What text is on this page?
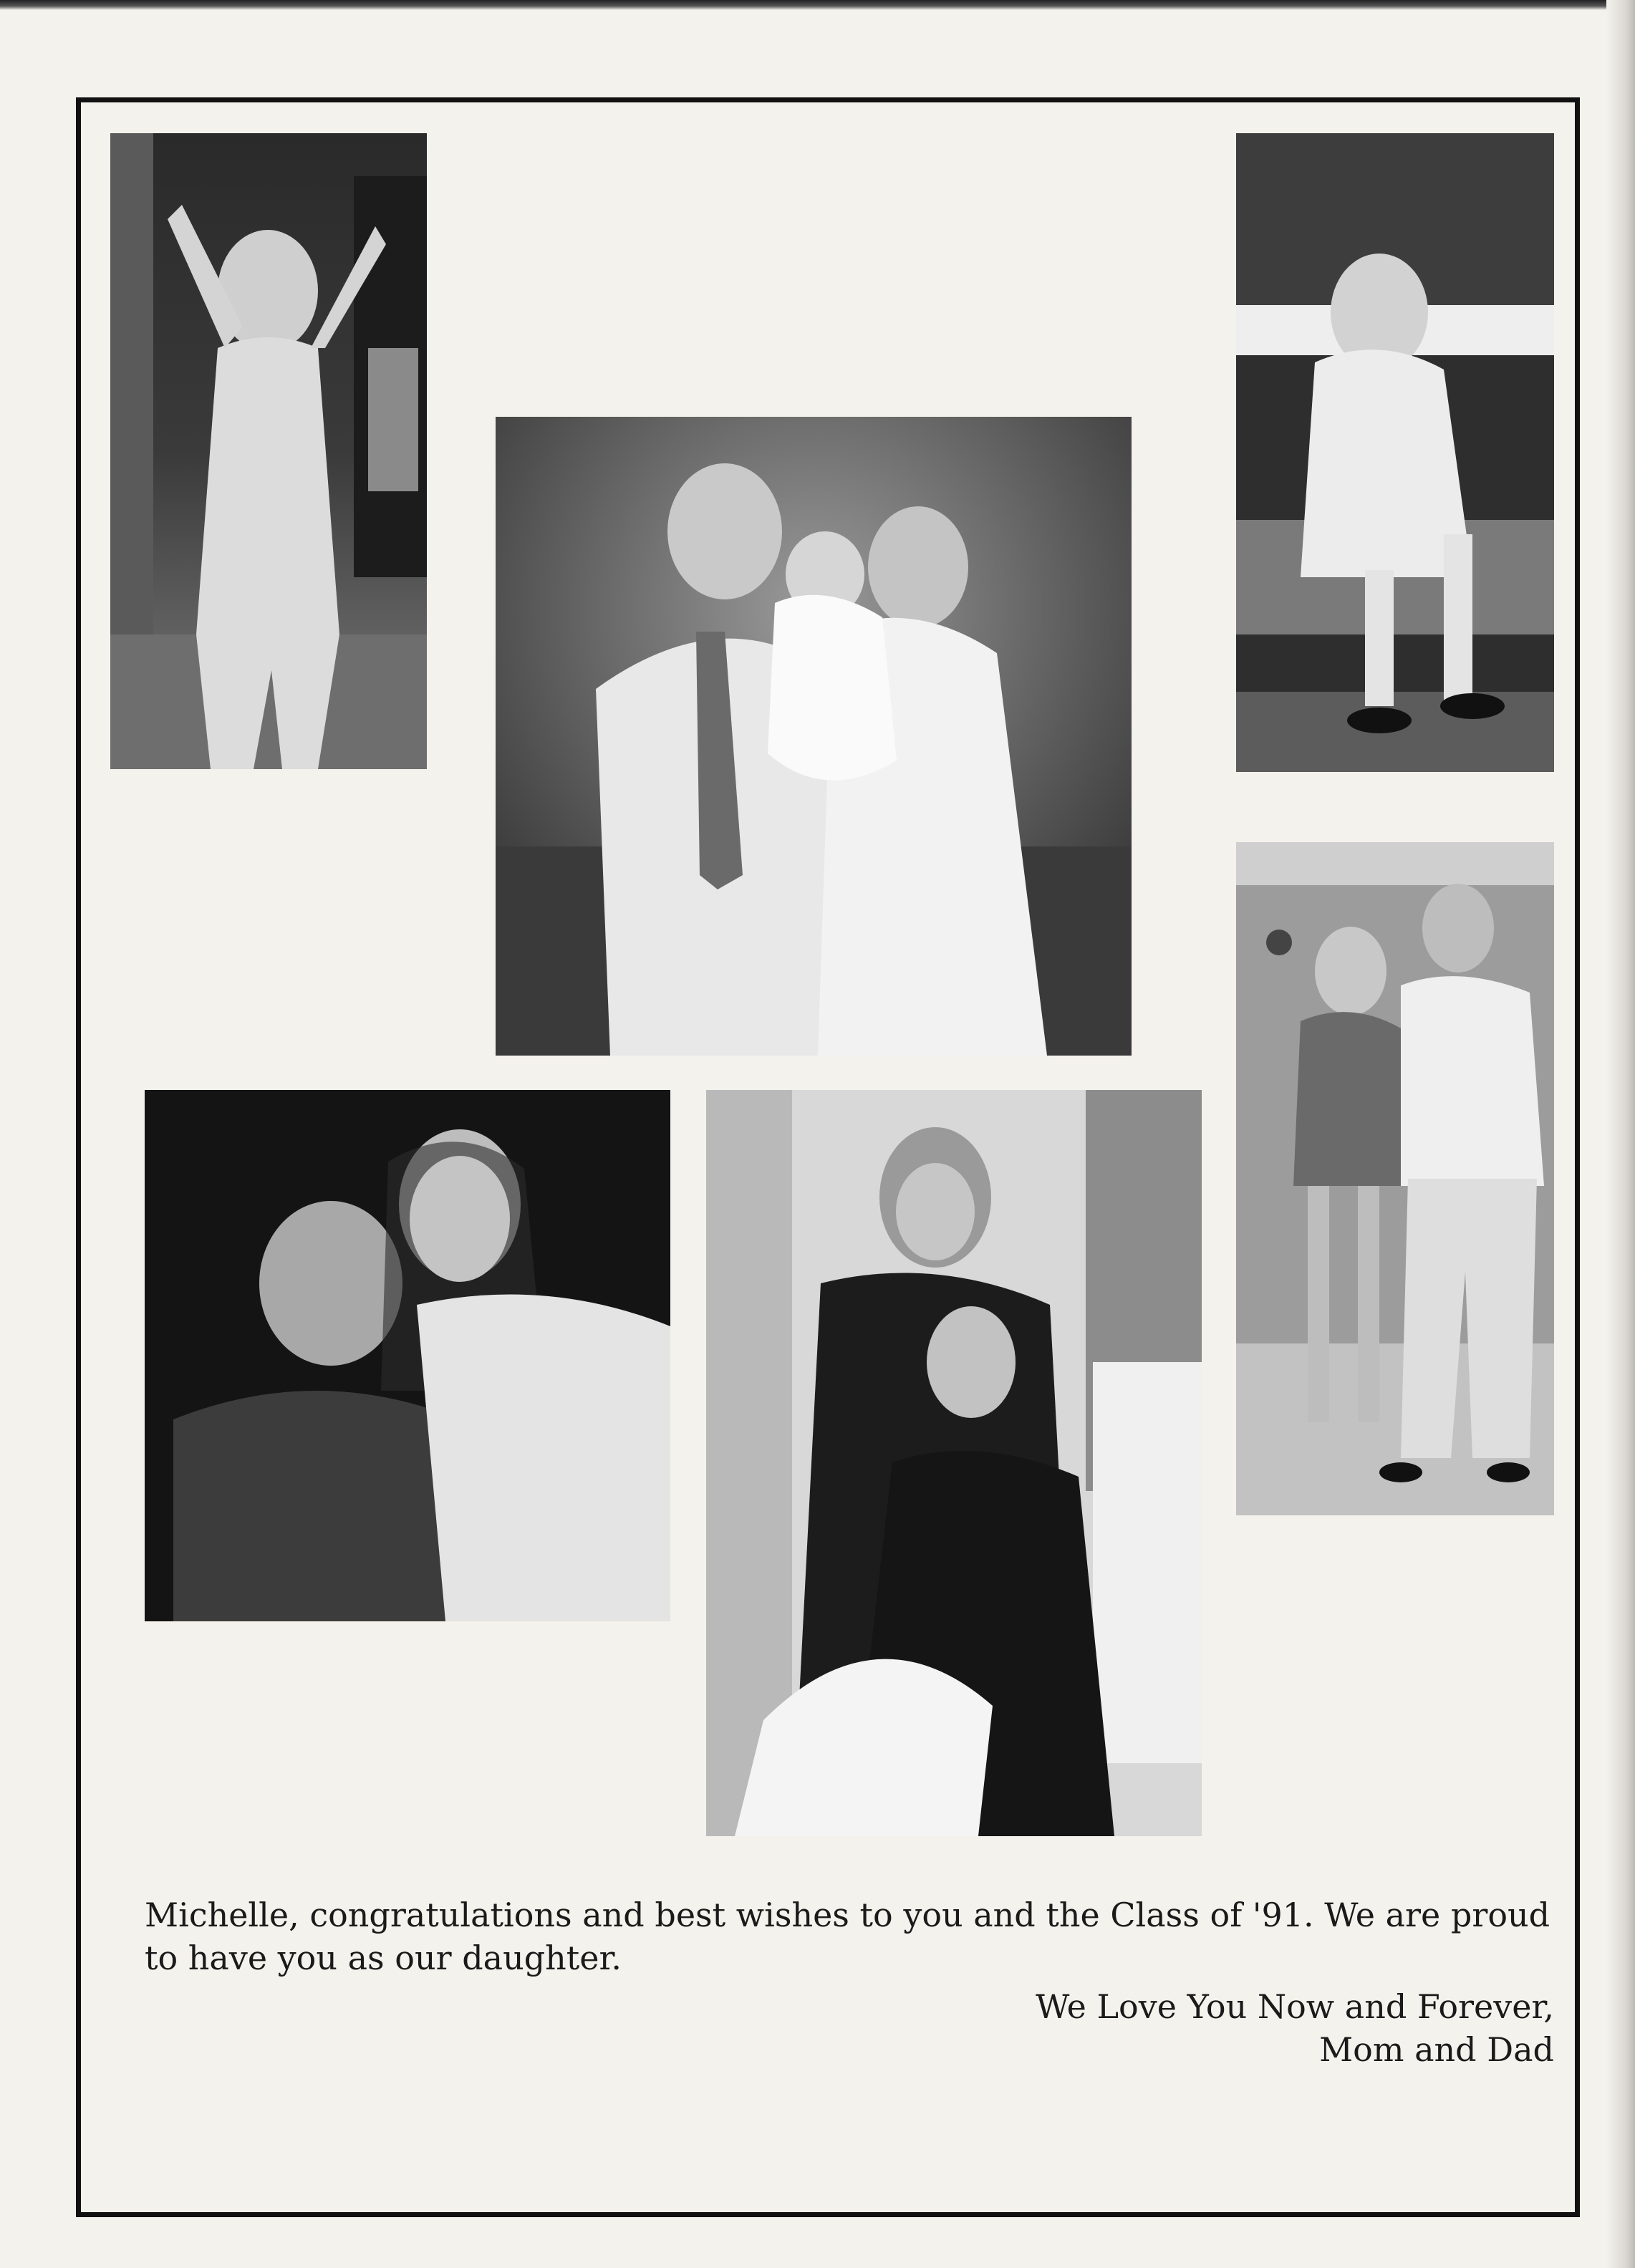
Michelle, congratulations and best wishes to you and the Class of '91. We are proud to have you as our daughter.

We Love You Now and Forever,
Mom and Dad
